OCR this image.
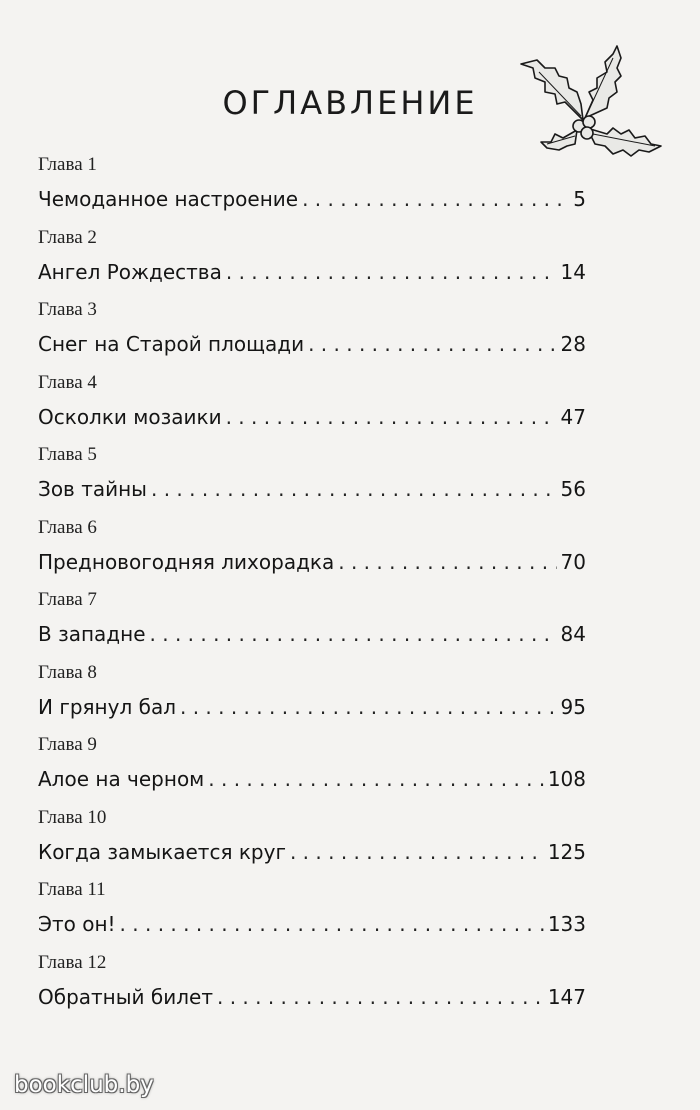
ОГЛАВЛЕНИЕ
Глава 1
Чемоданное настроение . . .	5
Глава 2
Ангел Рождества . . .	14
Глава 3
Снег на Старой площади . . .	28
Глава 4
Осколки мозаики . . .	47
Глава 5
Зов тайны . . .	56
Глава 6
Предновогодняя лихорадка . . .	70
Глава 7
В западне . . .	84
Глава 8
И грянул бал . . .	95
Глава 9
Алое на черном . . .	108
Глава 10
Когда замыкается круг . . .	125
Глава 11
Это он! . . .	133
Глава 12
Обратный билет . . .	147
bookclub.by
